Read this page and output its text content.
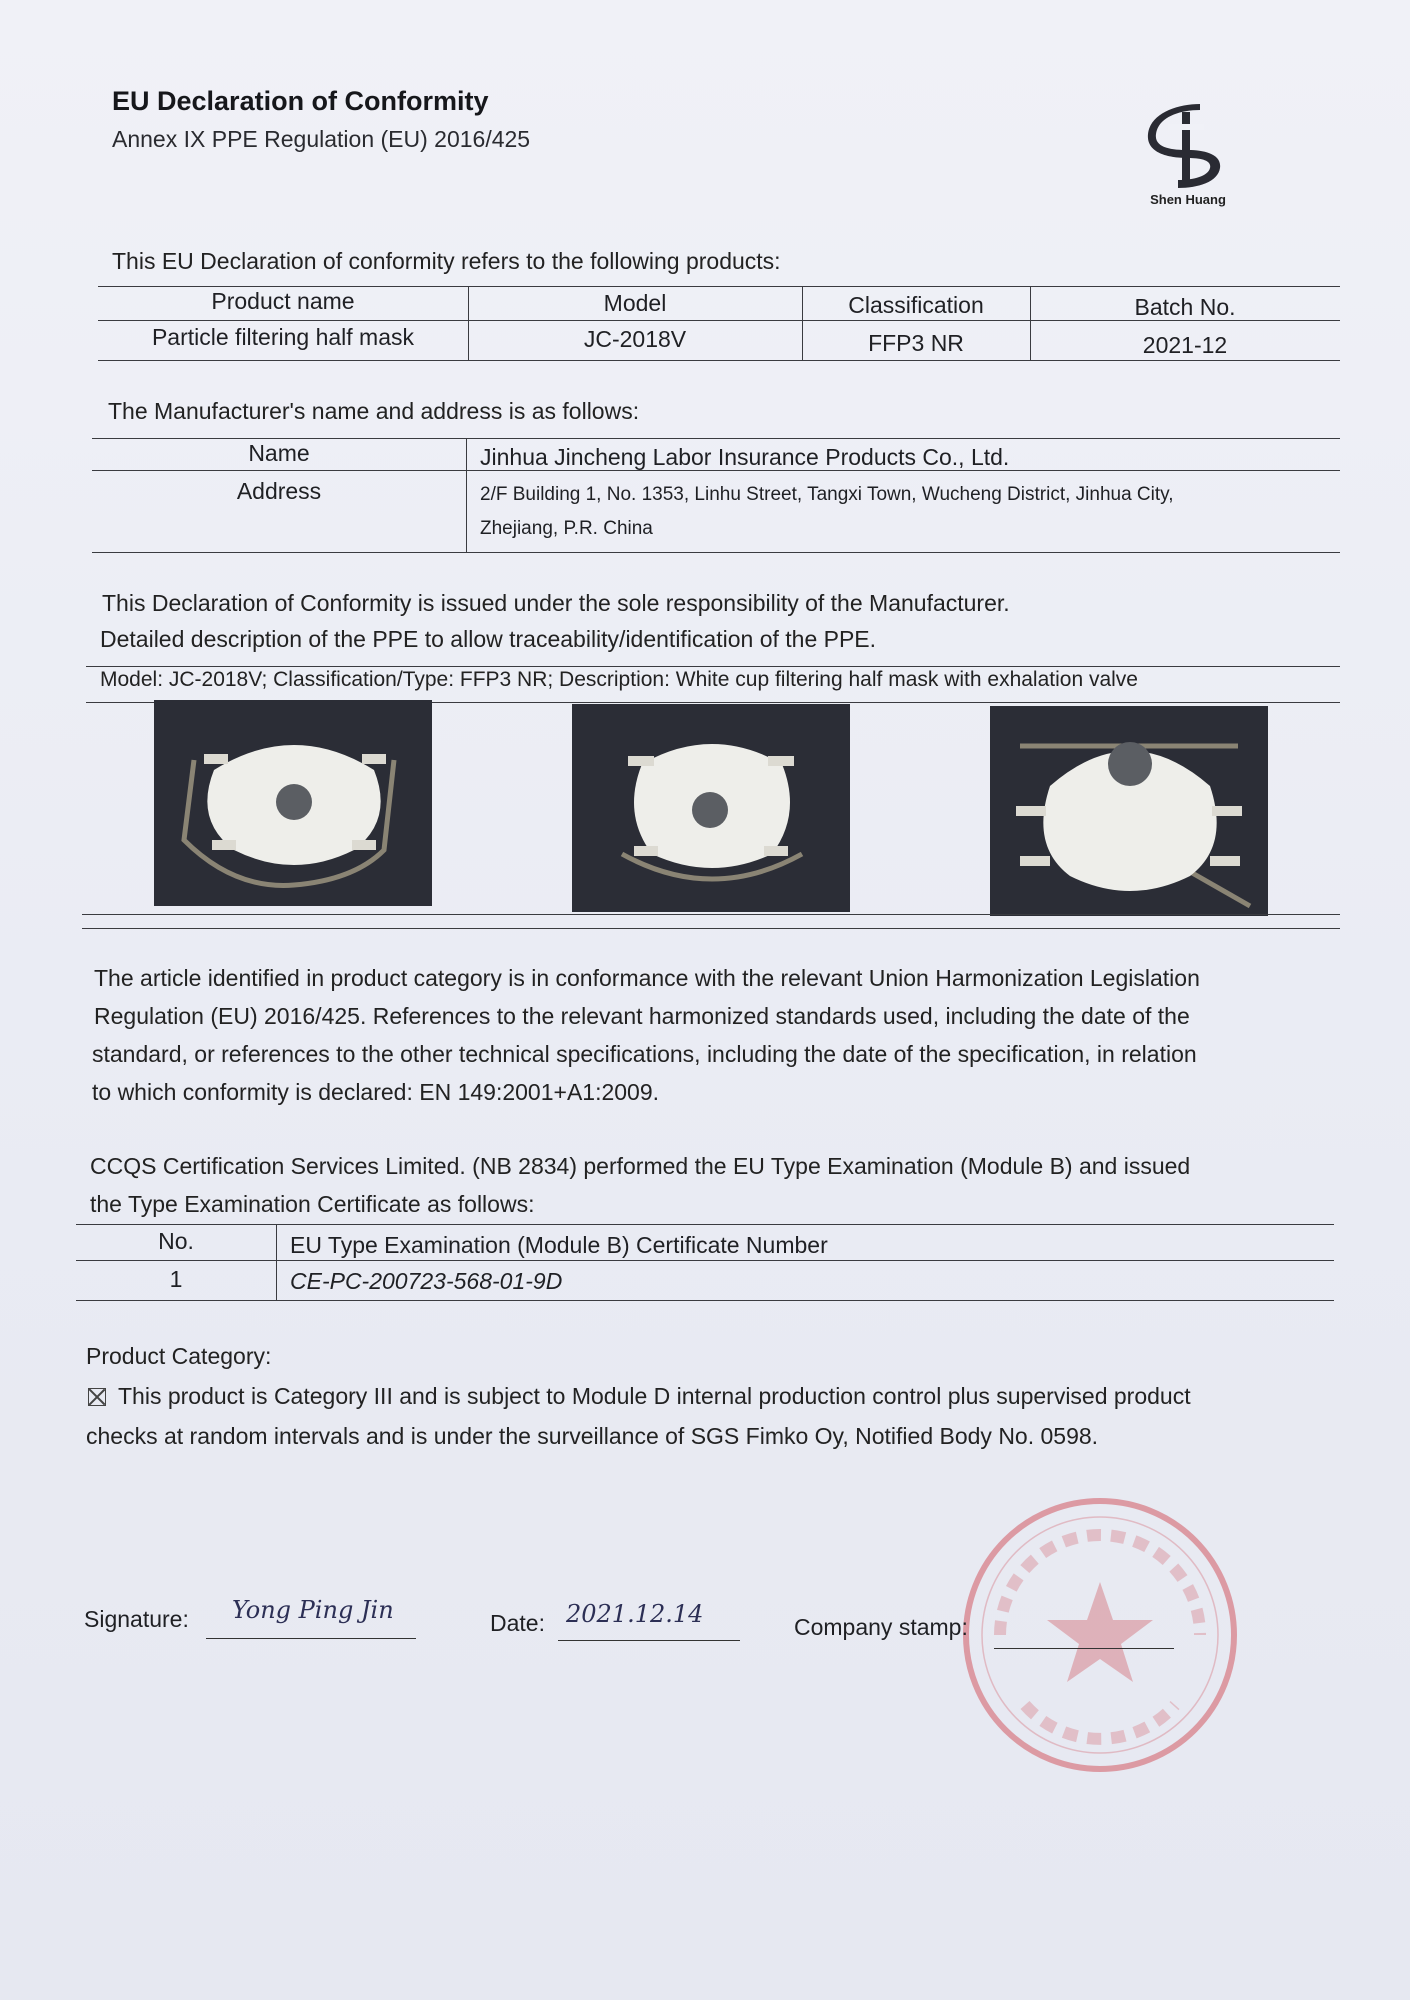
EU Declaration of Conformity
Annex IX PPE Regulation (EU) 2016/425
Shen Huang
This EU Declaration of conformity refers to the following products:
Product name	Model	Classification	Batch No.
Particle filtering half mask	JC-2018V	FFP3 NR	2021-12
The Manufacturer's name and address is as follows:
Name	Jinhua Jincheng Labor Insurance Products Co., Ltd.
Address	2/F Building 1, No. 1353, Linhu Street, Tangxi Town, Wucheng District, Jinhua City,
Zhejiang, P.R. China
This Declaration of Conformity is issued under the sole responsibility of the Manufacturer.
Detailed description of the PPE to allow traceability/identification of the PPE.
Model: JC-2018V; Classification/Type: FFP3 NR; Description: White cup filtering half mask with exhalation valve
The article identified in product category is in conformance with the relevant Union Harmonization Legislation
Regulation (EU) 2016/425. References to the relevant harmonized standards used, including the date of the
standard, or references to the other technical specifications, including the date of the specification, in relation
to which conformity is declared: EN 149:2001+A1:2009.
CCQS Certification Services Limited. (NB 2834) performed the EU Type Examination (Module B) and issued
the Type Examination Certificate as follows:
No.	EU Type Examination (Module B) Certificate Number
1	CE-PC-200723-568-01-9D
Product Category:
This product is Category III and is subject to Module D internal production control plus supervised product
checks at random intervals and is under the surveillance of SGS Fimko Oy, Notified Body No. 0598.
Signature: Yong Ping Jin	Date: 2021.12.14	Company stamp:
